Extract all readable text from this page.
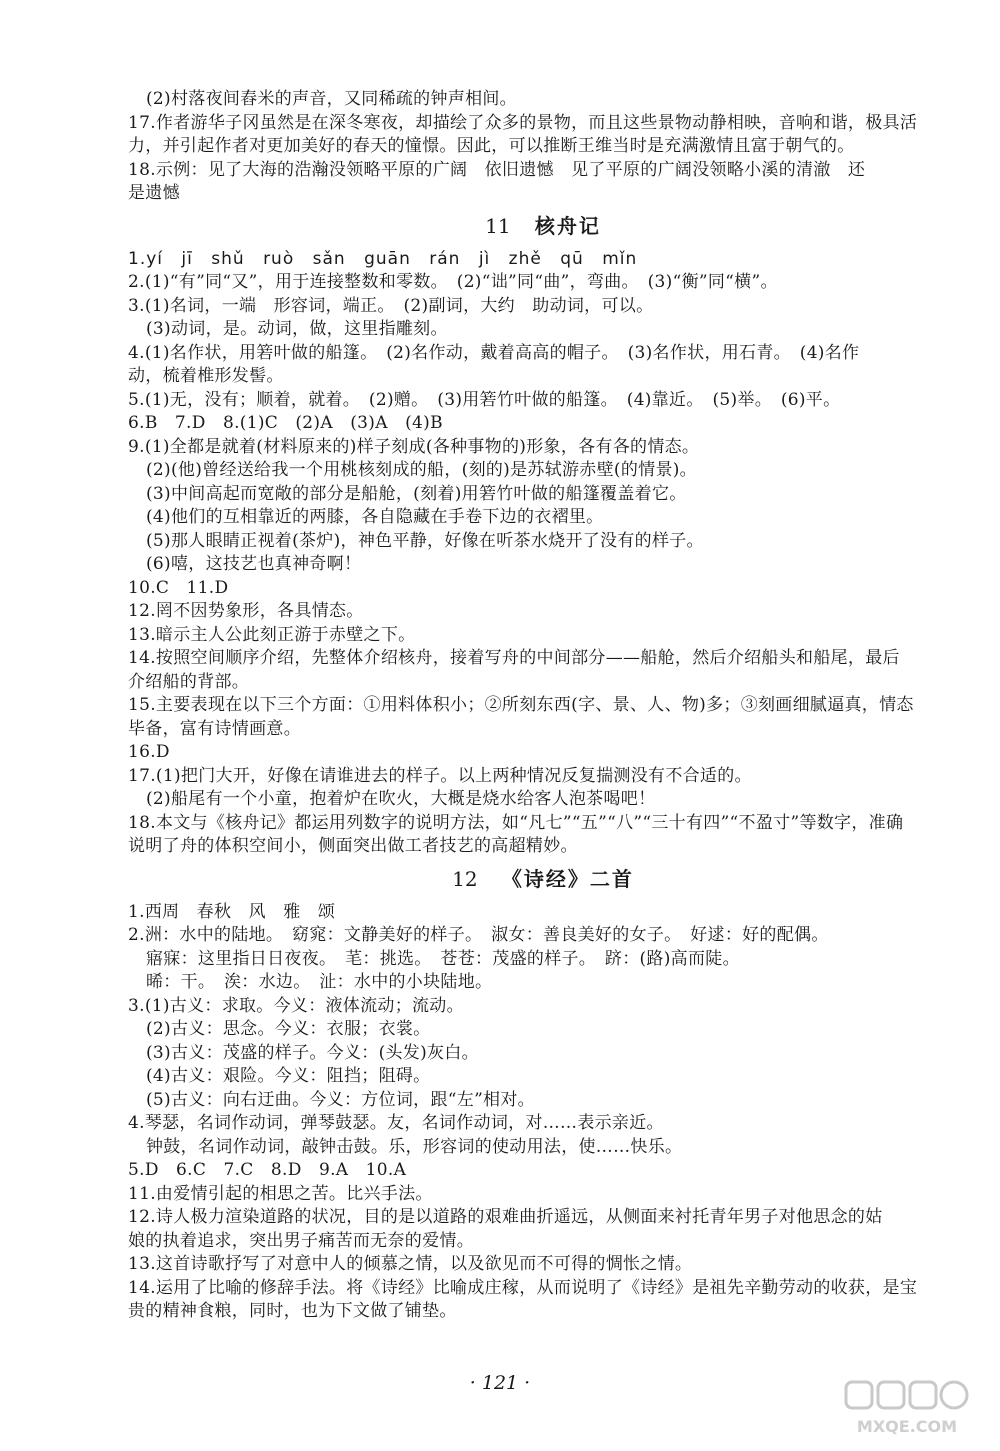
(2)村落夜间舂米的声音，又同稀疏的钟声相间。
17.作者游华子冈虽然是在深冬寒夜，却描绘了众多的景物，而且这些景物动静相映，音响和谐，极具活
力，并引起作者对更加美好的春天的憧憬。因此，可以推断王维当时是充满激情且富于朝气的。
18.示例：见了大海的浩瀚没领略平原的广阔　依旧遗憾　见了平原的广阔没领略小溪的清澈　还
是遗憾
11 核舟记
1.yí jī shǔ ruò sǎn guān rán jì zhě qū mǐn
2.(1)“有”同“又”，用于连接整数和零数。　(2)“诎”同“曲”，弯曲。　(3)“衡”同“横”。
3.(1)名词，一端　形容词，端正。　(2)副词，大约　助动词，可以。
(3)动词，是。动词，做，这里指雕刻。
4.(1)名作状，用箬叶做的船篷。　(2)名作动，戴着高高的帽子。　(3)名作状，用石青。　(4)名作
动，梳着椎形发髻。
5.(1)无，没有；顺着，就着。　(2)赠。　(3)用箬竹叶做的船篷。　(4)靠近。　(5)举。　(6)平。
6.B　7.D　8.(1)C　(2)A　(3)A　(4)B
9.(1)全都是就着(材料原来的)样子刻成(各种事物的)形象，各有各的情态。
(2)(他)曾经送给我一个用桃核刻成的船，(刻的)是苏轼游赤壁(的情景)。
(3)中间高起而宽敞的部分是船舱，(刻着)用箬竹叶做的船篷覆盖着它。
(4)他们的互相靠近的两膝，各自隐藏在手卷下边的衣褶里。
(5)那人眼睛正视着(茶炉)，神色平静，好像在听茶水烧开了没有的样子。
(6)嘻，这技艺也真神奇啊！
10.C　11.D
12.罔不因势象形，各具情态。
13.暗示主人公此刻正游于赤壁之下。
14.按照空间顺序介绍，先整体介绍核舟，接着写舟的中间部分——船舱，然后介绍船头和船尾，最后
介绍船的背部。
15.主要表现在以下三个方面：①用料体积小；②所刻东西(字、景、人、物)多；③刻画细腻逼真，情态
毕备，富有诗情画意。
16.D
17.(1)把门大开，好像在请谁进去的样子。以上两种情况反复揣测没有不合适的。
(2)船尾有一个小童，抱着炉在吹火，大概是烧水给客人泡茶喝吧！
18.本文与《核舟记》都运用列数字的说明方法，如“凡七”“五”“八”“三十有四”“不盈寸”等数字，准确
说明了舟的体积空间小，侧面突出做工者技艺的高超精妙。
12 《诗经》二首
1.西周　春秋　风　雅　颂
2.洲：水中的陆地。　窈窕：文静美好的样子。　淑女：善良美好的女子。　好逑：好的配偶。
寤寐：这里指日日夜夜。　芼：挑选。　苍苍：茂盛的样子。　跻：(路)高而陡。
晞：干。　涘：水边。　沚：水中的小块陆地。
3.(1)古义：求取。今义：液体流动；流动。
(2)古义：思念。今义：衣服；衣裳。
(3)古义：茂盛的样子。今义：(头发)灰白。
(4)古义：艰险。今义：阻挡；阻碍。
(5)古义：向右迂曲。今义：方位词，跟“左”相对。
4.琴瑟，名词作动词，弹琴鼓瑟。友，名词作动词，对……表示亲近。
钟鼓，名词作动词，敲钟击鼓。乐，形容词的使动用法，使……快乐。
5.D　6.C　7.C　8.D　9.A　10.A
11.由爱情引起的相思之苦。比兴手法。
12.诗人极力渲染道路的状况，目的是以道路的艰难曲折遥远，从侧面来衬托青年男子对他思念的姑
娘的执着追求，突出男子痛苦而无奈的爱情。
13.这首诗歌抒写了对意中人的倾慕之情，以及欲见而不可得的惆怅之情。
14.运用了比喻的修辞手法。将《诗经》比喻成庄稼，从而说明了《诗经》是祖先辛勤劳动的收获，是宝
贵的精神食粮，同时，也为下文做了铺垫。
· 121 ·
MXQE.COM
